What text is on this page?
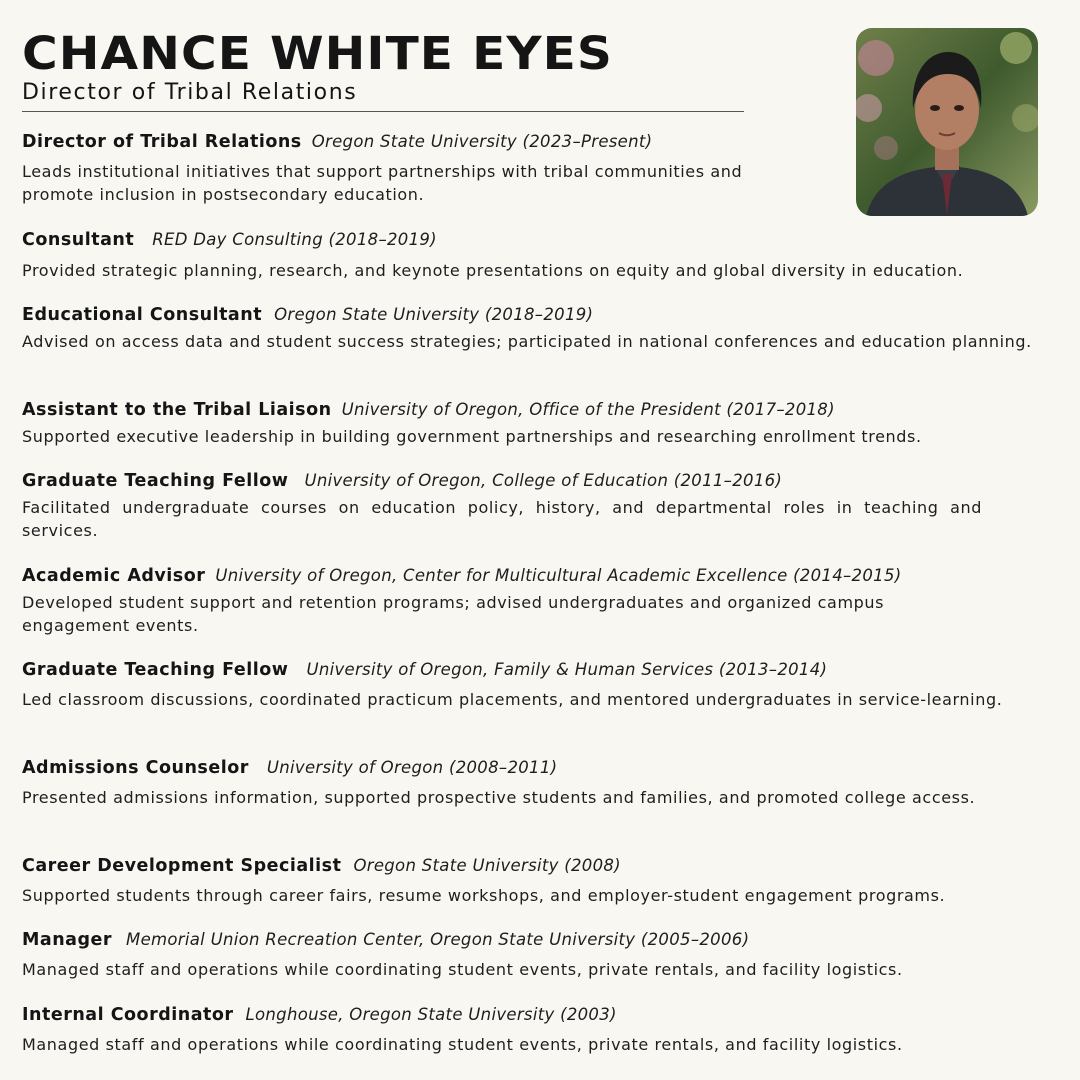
CHANCE WHITE EYES
Director of Tribal Relations
Director of Tribal Relations Oregon State University (2023–Present)
Leads institutional initiatives that support partnerships with tribal communities and promote inclusion in postsecondary education.
Consultant RED Day Consulting (2018–2019)
Provided strategic planning, research, and keynote presentations on equity and global diversity in education.
Educational Consultant Oregon State University (2018–2019)
Advised on access data and student success strategies; participated in national conferences and education planning.
Assistant to the Tribal Liaison University of Oregon, Office of the President (2017–2018)
Supported executive leadership in building government partnerships and researching enrollment trends.
Graduate Teaching Fellow University of Oregon, College of Education (2011–2016)
Facilitated undergraduate courses on education policy, history, and departmental roles in teaching and services.
Academic Advisor University of Oregon, Center for Multicultural Academic Excellence (2014–2015)
Developed student support and retention programs; advised undergraduates and organized campus engagement events.
Graduate Teaching Fellow University of Oregon, Family & Human Services (2013–2014)
Led classroom discussions, coordinated practicum placements, and mentored undergraduates in service-learning.
Admissions Counselor University of Oregon (2008–2011)
Presented admissions information, supported prospective students and families, and promoted college access.
Career Development Specialist Oregon State University (2008)
Supported students through career fairs, resume workshops, and employer-student engagement programs.
Manager Memorial Union Recreation Center, Oregon State University (2005–2006)
Managed staff and operations while coordinating student events, private rentals, and facility logistics.
Internal Coordinator Longhouse, Oregon State University (2003)
Managed staff and operations while coordinating student events, private rentals, and facility logistics.
